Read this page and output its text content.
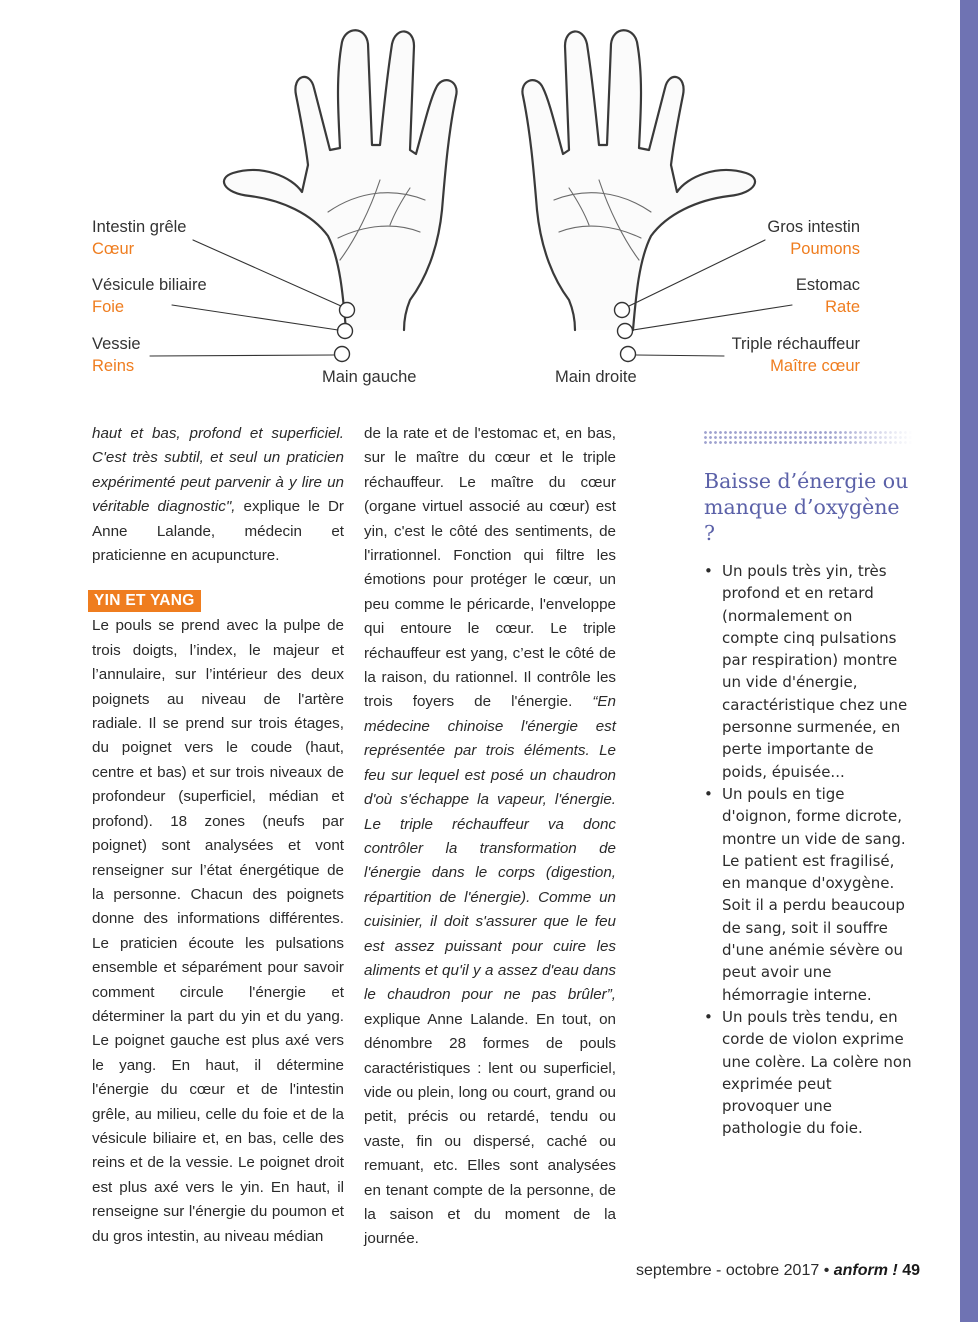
Intestin grêle
Cœur
Vésicule biliaire
Foie
Vessie
Reins
Gros intestin
Poumons
Estomac
Rate
Triple réchauffeur
Maître cœur
Main gauche	Main droite

haut et bas, profond et superficiel. C'est très subtil, et seul un praticien expérimenté peut parvenir à y lire un véritable diagnostic", explique le Dr Anne Lalande, médecin et praticienne en acupuncture.

YIN ET YANG

Le pouls se prend avec la pulpe de trois doigts, l’index, le majeur et l’annulaire, sur l’intérieur des deux poignets au niveau de l'artère radiale. Il se prend sur trois étages, du poignet vers le coude (haut, centre et bas) et sur trois niveaux de profondeur (superficiel, médian et profond). 18 zones (neufs par poignet) sont analysées et vont renseigner sur l’état énergétique de la personne. Chacun des poignets donne des informations différentes. Le praticien écoute les pulsations ensemble et séparément pour savoir comment circule l'énergie et déterminer la part du yin et du yang. Le poignet gauche est plus axé vers le yang. En haut, il détermine l'énergie du cœur et de l'intestin grêle, au milieu, celle du foie et de la vésicule biliaire et, en bas, celle des reins et de la vessie. Le poignet droit est plus axé vers le yin. En haut, il renseigne sur l'énergie du poumon et du gros intestin, au niveau médian

de la rate et de l'estomac et, en bas, sur le maître du cœur et le triple réchauffeur. Le maître du cœur (organe virtuel associé au cœur) est yin, c'est le côté des sentiments, de l'irrationnel. Fonction qui filtre les émotions pour protéger le cœur, un peu comme le péricarde, l'enveloppe qui entoure le cœur. Le triple réchauffeur est yang, c’est le côté de la raison, du rationnel. Il contrôle les trois foyers de l'énergie. “En médecine chinoise l'énergie est représentée par trois éléments. Le feu sur lequel est posé un chaudron d'où s'échappe la vapeur, l'énergie. Le triple réchauffeur va donc contrôler la transformation de l'énergie dans le corps (digestion, répartition de l'énergie). Comme un cuisinier, il doit s'assurer que le feu est assez puissant pour cuire les aliments et qu'il y a assez d'eau dans le chaudron pour ne pas brûler”, explique Anne Lalande. En tout, on dénombre 28 formes de pouls caractéristiques : lent ou superficiel, vide ou plein, long ou court, grand ou petit, précis ou retardé, tendu ou vaste, fin ou dispersé, caché ou remuant, etc. Elles sont analysées en tenant compte de la personne, de la saison et du moment de la journée.

Baisse d’énergie ou manque d’oxygène ?
• Un pouls très yin, très profond et en retard (normalement on compte cinq pulsations par respiration) montre un vide d'énergie, caractéristique chez une personne surmenée, en perte importante de poids, épuisée...
• Un pouls en tige d'oignon, forme dicrote, montre un vide de sang. Le patient est fragilisé, en manque d'oxygène. Soit il a perdu beaucoup de sang, soit il souffre d'une anémie sévère ou peut avoir une hémorragie interne.
• Un pouls très tendu, en corde de violon exprime une colère. La colère non exprimée peut provoquer une pathologie du foie.
septembre - octobre 2017 • anform ! 49
